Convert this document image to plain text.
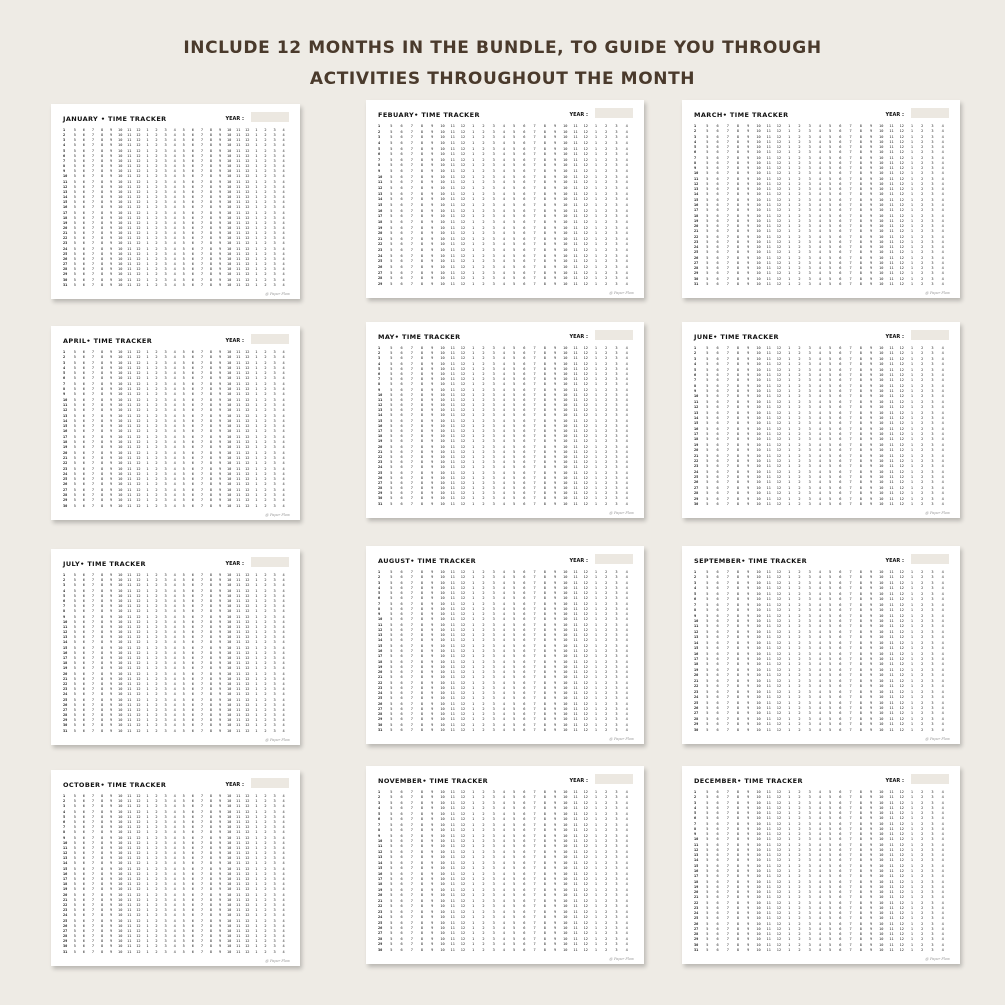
INCLUDE 12 MONTHS IN THE BUNDLE, TO GUIDE YOU THROUGH
ACTIVITIES THROUGHOUT THE MONTH
JANUARY • TIME TRACKER	YEAR :
1	5	6	7	8	9	10	11	12	1	2	3	4	5	6	7	8	9	10	11	12	1	2	3	4
2	5	6	7	8	9	10	11	12	1	2	3	4	5	6	7	8	9	10	11	12	1	2	3	4
3	5	6	7	8	9	10	11	12	1	2	3	4	5	6	7	8	9	10	11	12	1	2	3	4
4	5	6	7	8	9	10	11	12	1	2	3	4	5	6	7	8	9	10	11	12	1	2	3	4
5	5	6	7	8	9	10	11	12	1	2	3	4	5	6	7	8	9	10	11	12	1	2	3	4
6	5	6	7	8	9	10	11	12	1	2	3	4	5	6	7	8	9	10	11	12	1	2	3	4
7	5	6	7	8	9	10	11	12	1	2	3	4	5	6	7	8	9	10	11	12	1	2	3	4
8	5	6	7	8	9	10	11	12	1	2	3	4	5	6	7	8	9	10	11	12	1	2	3	4
9	5	6	7	8	9	10	11	12	1	2	3	4	5	6	7	8	9	10	11	12	1	2	3	4
10	5	6	7	8	9	10	11	12	1	2	3	4	5	6	7	8	9	10	11	12	1	2	3	4
11	5	6	7	8	9	10	11	12	1	2	3	4	5	6	7	8	9	10	11	12	1	2	3	4
12	5	6	7	8	9	10	11	12	1	2	3	4	5	6	7	8	9	10	11	12	1	2	3	4
13	5	6	7	8	9	10	11	12	1	2	3	4	5	6	7	8	9	10	11	12	1	2	3	4
14	5	6	7	8	9	10	11	12	1	2	3	4	5	6	7	8	9	10	11	12	1	2	3	4
15	5	6	7	8	9	10	11	12	1	2	3	4	5	6	7	8	9	10	11	12	1	2	3	4
16	5	6	7	8	9	10	11	12	1	2	3	4	5	6	7	8	9	10	11	12	1	2	3	4
17	5	6	7	8	9	10	11	12	1	2	3	4	5	6	7	8	9	10	11	12	1	2	3	4
18	5	6	7	8	9	10	11	12	1	2	3	4	5	6	7	8	9	10	11	12	1	2	3	4
19	5	6	7	8	9	10	11	12	1	2	3	4	5	6	7	8	9	10	11	12	1	2	3	4
20	5	6	7	8	9	10	11	12	1	2	3	4	5	6	7	8	9	10	11	12	1	2	3	4
21	5	6	7	8	9	10	11	12	1	2	3	4	5	6	7	8	9	10	11	12	1	2	3	4
22	5	6	7	8	9	10	11	12	1	2	3	4	5	6	7	8	9	10	11	12	1	2	3	4
23	5	6	7	8	9	10	11	12	1	2	3	4	5	6	7	8	9	10	11	12	1	2	3	4
24	5	6	7	8	9	10	11	12	1	2	3	4	5	6	7	8	9	10	11	12	1	2	3	4
25	5	6	7	8	9	10	11	12	1	2	3	4	5	6	7	8	9	10	11	12	1	2	3	4
26	5	6	7	8	9	10	11	12	1	2	3	4	5	6	7	8	9	10	11	12	1	2	3	4
27	5	6	7	8	9	10	11	12	1	2	3	4	5	6	7	8	9	10	11	12	1	2	3	4
28	5	6	7	8	9	10	11	12	1	2	3	4	5	6	7	8	9	10	11	12	1	2	3	4
29	5	6	7	8	9	10	11	12	1	2	3	4	5	6	7	8	9	10	11	12	1	2	3	4
30	5	6	7	8	9	10	11	12	1	2	3	4	5	6	7	8	9	10	11	12	1	2	3	4
31	5	6	7	8	9	10	11	12	1	2	3	4	5	6	7	8	9	10	11	12	1	2	3	4
@ Paper Flow
FEBUARY• TIME TRACKER	YEAR :
1	5	6	7	8	9	10	11	12	1	2	3	4	5	6	7	8	9	10	11	12	1	2	3	4
2	5	6	7	8	9	10	11	12	1	2	3	4	5	6	7	8	9	10	11	12	1	2	3	4
3	5	6	7	8	9	10	11	12	1	2	3	4	5	6	7	8	9	10	11	12	1	2	3	4
4	5	6	7	8	9	10	11	12	1	2	3	4	5	6	7	8	9	10	11	12	1	2	3	4
5	5	6	7	8	9	10	11	12	1	2	3	4	5	6	7	8	9	10	11	12	1	2	3	4
6	5	6	7	8	9	10	11	12	1	2	3	4	5	6	7	8	9	10	11	12	1	2	3	4
7	5	6	7	8	9	10	11	12	1	2	3	4	5	6	7	8	9	10	11	12	1	2	3	4
8	5	6	7	8	9	10	11	12	1	2	3	4	5	6	7	8	9	10	11	12	1	2	3	4
9	5	6	7	8	9	10	11	12	1	2	3	4	5	6	7	8	9	10	11	12	1	2	3	4
10	5	6	7	8	9	10	11	12	1	2	3	4	5	6	7	8	9	10	11	12	1	2	3	4
11	5	6	7	8	9	10	11	12	1	2	3	4	5	6	7	8	9	10	11	12	1	2	3	4
12	5	6	7	8	9	10	11	12	1	2	3	4	5	6	7	8	9	10	11	12	1	2	3	4
13	5	6	7	8	9	10	11	12	1	2	3	4	5	6	7	8	9	10	11	12	1	2	3	4
14	5	6	7	8	9	10	11	12	1	2	3	4	5	6	7	8	9	10	11	12	1	2	3	4
15	5	6	7	8	9	10	11	12	1	2	3	4	5	6	7	8	9	10	11	12	1	2	3	4
16	5	6	7	8	9	10	11	12	1	2	3	4	5	6	7	8	9	10	11	12	1	2	3	4
17	5	6	7	8	9	10	11	12	1	2	3	4	5	6	7	8	9	10	11	12	1	2	3	4
18	5	6	7	8	9	10	11	12	1	2	3	4	5	6	7	8	9	10	11	12	1	2	3	4
19	5	6	7	8	9	10	11	12	1	2	3	4	5	6	7	8	9	10	11	12	1	2	3	4
20	5	6	7	8	9	10	11	12	1	2	3	4	5	6	7	8	9	10	11	12	1	2	3	4
21	5	6	7	8	9	10	11	12	1	2	3	4	5	6	7	8	9	10	11	12	1	2	3	4
22	5	6	7	8	9	10	11	12	1	2	3	4	5	6	7	8	9	10	11	12	1	2	3	4
23	5	6	7	8	9	10	11	12	1	2	3	4	5	6	7	8	9	10	11	12	1	2	3	4
24	5	6	7	8	9	10	11	12	1	2	3	4	5	6	7	8	9	10	11	12	1	2	3	4
25	5	6	7	8	9	10	11	12	1	2	3	4	5	6	7	8	9	10	11	12	1	2	3	4
26	5	6	7	8	9	10	11	12	1	2	3	4	5	6	7	8	9	10	11	12	1	2	3	4
27	5	6	7	8	9	10	11	12	1	2	3	4	5	6	7	8	9	10	11	12	1	2	3	4
28	5	6	7	8	9	10	11	12	1	2	3	4	5	6	7	8	9	10	11	12	1	2	3	4
29	5	6	7	8	9	10	11	12	1	2	3	4	5	6	7	8	9	10	11	12	1	2	3	4
@ Paper Flow
MARCH• TIME TRACKER	YEAR :
1	5	6	7	8	9	10	11	12	1	2	3	4	5	6	7	8	9	10	11	12	1	2	3	4
2	5	6	7	8	9	10	11	12	1	2	3	4	5	6	7	8	9	10	11	12	1	2	3	4
3	5	6	7	8	9	10	11	12	1	2	3	4	5	6	7	8	9	10	11	12	1	2	3	4
4	5	6	7	8	9	10	11	12	1	2	3	4	5	6	7	8	9	10	11	12	1	2	3	4
5	5	6	7	8	9	10	11	12	1	2	3	4	5	6	7	8	9	10	11	12	1	2	3	4
6	5	6	7	8	9	10	11	12	1	2	3	4	5	6	7	8	9	10	11	12	1	2	3	4
7	5	6	7	8	9	10	11	12	1	2	3	4	5	6	7	8	9	10	11	12	1	2	3	4
8	5	6	7	8	9	10	11	12	1	2	3	4	5	6	7	8	9	10	11	12	1	2	3	4
9	5	6	7	8	9	10	11	12	1	2	3	4	5	6	7	8	9	10	11	12	1	2	3	4
10	5	6	7	8	9	10	11	12	1	2	3	4	5	6	7	8	9	10	11	12	1	2	3	4
11	5	6	7	8	9	10	11	12	1	2	3	4	5	6	7	8	9	10	11	12	1	2	3	4
12	5	6	7	8	9	10	11	12	1	2	3	4	5	6	7	8	9	10	11	12	1	2	3	4
13	5	6	7	8	9	10	11	12	1	2	3	4	5	6	7	8	9	10	11	12	1	2	3	4
14	5	6	7	8	9	10	11	12	1	2	3	4	5	6	7	8	9	10	11	12	1	2	3	4
15	5	6	7	8	9	10	11	12	1	2	3	4	5	6	7	8	9	10	11	12	1	2	3	4
16	5	6	7	8	9	10	11	12	1	2	3	4	5	6	7	8	9	10	11	12	1	2	3	4
17	5	6	7	8	9	10	11	12	1	2	3	4	5	6	7	8	9	10	11	12	1	2	3	4
18	5	6	7	8	9	10	11	12	1	2	3	4	5	6	7	8	9	10	11	12	1	2	3	4
19	5	6	7	8	9	10	11	12	1	2	3	4	5	6	7	8	9	10	11	12	1	2	3	4
20	5	6	7	8	9	10	11	12	1	2	3	4	5	6	7	8	9	10	11	12	1	2	3	4
21	5	6	7	8	9	10	11	12	1	2	3	4	5	6	7	8	9	10	11	12	1	2	3	4
22	5	6	7	8	9	10	11	12	1	2	3	4	5	6	7	8	9	10	11	12	1	2	3	4
23	5	6	7	8	9	10	11	12	1	2	3	4	5	6	7	8	9	10	11	12	1	2	3	4
24	5	6	7	8	9	10	11	12	1	2	3	4	5	6	7	8	9	10	11	12	1	2	3	4
25	5	6	7	8	9	10	11	12	1	2	3	4	5	6	7	8	9	10	11	12	1	2	3	4
26	5	6	7	8	9	10	11	12	1	2	3	4	5	6	7	8	9	10	11	12	1	2	3	4
27	5	6	7	8	9	10	11	12	1	2	3	4	5	6	7	8	9	10	11	12	1	2	3	4
28	5	6	7	8	9	10	11	12	1	2	3	4	5	6	7	8	9	10	11	12	1	2	3	4
29	5	6	7	8	9	10	11	12	1	2	3	4	5	6	7	8	9	10	11	12	1	2	3	4
30	5	6	7	8	9	10	11	12	1	2	3	4	5	6	7	8	9	10	11	12	1	2	3	4
31	5	6	7	8	9	10	11	12	1	2	3	4	5	6	7	8	9	10	11	12	1	2	3	4
@ Paper Flow
APRIL• TIME TRACKER	YEAR :
1	5	6	7	8	9	10	11	12	1	2	3	4	5	6	7	8	9	10	11	12	1	2	3	4
2	5	6	7	8	9	10	11	12	1	2	3	4	5	6	7	8	9	10	11	12	1	2	3	4
3	5	6	7	8	9	10	11	12	1	2	3	4	5	6	7	8	9	10	11	12	1	2	3	4
4	5	6	7	8	9	10	11	12	1	2	3	4	5	6	7	8	9	10	11	12	1	2	3	4
5	5	6	7	8	9	10	11	12	1	2	3	4	5	6	7	8	9	10	11	12	1	2	3	4
6	5	6	7	8	9	10	11	12	1	2	3	4	5	6	7	8	9	10	11	12	1	2	3	4
7	5	6	7	8	9	10	11	12	1	2	3	4	5	6	7	8	9	10	11	12	1	2	3	4
8	5	6	7	8	9	10	11	12	1	2	3	4	5	6	7	8	9	10	11	12	1	2	3	4
9	5	6	7	8	9	10	11	12	1	2	3	4	5	6	7	8	9	10	11	12	1	2	3	4
10	5	6	7	8	9	10	11	12	1	2	3	4	5	6	7	8	9	10	11	12	1	2	3	4
11	5	6	7	8	9	10	11	12	1	2	3	4	5	6	7	8	9	10	11	12	1	2	3	4
12	5	6	7	8	9	10	11	12	1	2	3	4	5	6	7	8	9	10	11	12	1	2	3	4
13	5	6	7	8	9	10	11	12	1	2	3	4	5	6	7	8	9	10	11	12	1	2	3	4
14	5	6	7	8	9	10	11	12	1	2	3	4	5	6	7	8	9	10	11	12	1	2	3	4
15	5	6	7	8	9	10	11	12	1	2	3	4	5	6	7	8	9	10	11	12	1	2	3	4
16	5	6	7	8	9	10	11	12	1	2	3	4	5	6	7	8	9	10	11	12	1	2	3	4
17	5	6	7	8	9	10	11	12	1	2	3	4	5	6	7	8	9	10	11	12	1	2	3	4
18	5	6	7	8	9	10	11	12	1	2	3	4	5	6	7	8	9	10	11	12	1	2	3	4
19	5	6	7	8	9	10	11	12	1	2	3	4	5	6	7	8	9	10	11	12	1	2	3	4
20	5	6	7	8	9	10	11	12	1	2	3	4	5	6	7	8	9	10	11	12	1	2	3	4
21	5	6	7	8	9	10	11	12	1	2	3	4	5	6	7	8	9	10	11	12	1	2	3	4
22	5	6	7	8	9	10	11	12	1	2	3	4	5	6	7	8	9	10	11	12	1	2	3	4
23	5	6	7	8	9	10	11	12	1	2	3	4	5	6	7	8	9	10	11	12	1	2	3	4
24	5	6	7	8	9	10	11	12	1	2	3	4	5	6	7	8	9	10	11	12	1	2	3	4
25	5	6	7	8	9	10	11	12	1	2	3	4	5	6	7	8	9	10	11	12	1	2	3	4
26	5	6	7	8	9	10	11	12	1	2	3	4	5	6	7	8	9	10	11	12	1	2	3	4
27	5	6	7	8	9	10	11	12	1	2	3	4	5	6	7	8	9	10	11	12	1	2	3	4
28	5	6	7	8	9	10	11	12	1	2	3	4	5	6	7	8	9	10	11	12	1	2	3	4
29	5	6	7	8	9	10	11	12	1	2	3	4	5	6	7	8	9	10	11	12	1	2	3	4
30	5	6	7	8	9	10	11	12	1	2	3	4	5	6	7	8	9	10	11	12	1	2	3	4
@ Paper Flow
MAY• TIME TRACKER	YEAR :
1	5	6	7	8	9	10	11	12	1	2	3	4	5	6	7	8	9	10	11	12	1	2	3	4
2	5	6	7	8	9	10	11	12	1	2	3	4	5	6	7	8	9	10	11	12	1	2	3	4
3	5	6	7	8	9	10	11	12	1	2	3	4	5	6	7	8	9	10	11	12	1	2	3	4
4	5	6	7	8	9	10	11	12	1	2	3	4	5	6	7	8	9	10	11	12	1	2	3	4
5	5	6	7	8	9	10	11	12	1	2	3	4	5	6	7	8	9	10	11	12	1	2	3	4
6	5	6	7	8	9	10	11	12	1	2	3	4	5	6	7	8	9	10	11	12	1	2	3	4
7	5	6	7	8	9	10	11	12	1	2	3	4	5	6	7	8	9	10	11	12	1	2	3	4
8	5	6	7	8	9	10	11	12	1	2	3	4	5	6	7	8	9	10	11	12	1	2	3	4
9	5	6	7	8	9	10	11	12	1	2	3	4	5	6	7	8	9	10	11	12	1	2	3	4
10	5	6	7	8	9	10	11	12	1	2	3	4	5	6	7	8	9	10	11	12	1	2	3	4
11	5	6	7	8	9	10	11	12	1	2	3	4	5	6	7	8	9	10	11	12	1	2	3	4
12	5	6	7	8	9	10	11	12	1	2	3	4	5	6	7	8	9	10	11	12	1	2	3	4
13	5	6	7	8	9	10	11	12	1	2	3	4	5	6	7	8	9	10	11	12	1	2	3	4
14	5	6	7	8	9	10	11	12	1	2	3	4	5	6	7	8	9	10	11	12	1	2	3	4
15	5	6	7	8	9	10	11	12	1	2	3	4	5	6	7	8	9	10	11	12	1	2	3	4
16	5	6	7	8	9	10	11	12	1	2	3	4	5	6	7	8	9	10	11	12	1	2	3	4
17	5	6	7	8	9	10	11	12	1	2	3	4	5	6	7	8	9	10	11	12	1	2	3	4
18	5	6	7	8	9	10	11	12	1	2	3	4	5	6	7	8	9	10	11	12	1	2	3	4
19	5	6	7	8	9	10	11	12	1	2	3	4	5	6	7	8	9	10	11	12	1	2	3	4
20	5	6	7	8	9	10	11	12	1	2	3	4	5	6	7	8	9	10	11	12	1	2	3	4
21	5	6	7	8	9	10	11	12	1	2	3	4	5	6	7	8	9	10	11	12	1	2	3	4
22	5	6	7	8	9	10	11	12	1	2	3	4	5	6	7	8	9	10	11	12	1	2	3	4
23	5	6	7	8	9	10	11	12	1	2	3	4	5	6	7	8	9	10	11	12	1	2	3	4
24	5	6	7	8	9	10	11	12	1	2	3	4	5	6	7	8	9	10	11	12	1	2	3	4
25	5	6	7	8	9	10	11	12	1	2	3	4	5	6	7	8	9	10	11	12	1	2	3	4
26	5	6	7	8	9	10	11	12	1	2	3	4	5	6	7	8	9	10	11	12	1	2	3	4
27	5	6	7	8	9	10	11	12	1	2	3	4	5	6	7	8	9	10	11	12	1	2	3	4
28	5	6	7	8	9	10	11	12	1	2	3	4	5	6	7	8	9	10	11	12	1	2	3	4
29	5	6	7	8	9	10	11	12	1	2	3	4	5	6	7	8	9	10	11	12	1	2	3	4
30	5	6	7	8	9	10	11	12	1	2	3	4	5	6	7	8	9	10	11	12	1	2	3	4
31	5	6	7	8	9	10	11	12	1	2	3	4	5	6	7	8	9	10	11	12	1	2	3	4
@ Paper Flow
JUNE• TIME TRACKER	YEAR :
1	5	6	7	8	9	10	11	12	1	2	3	4	5	6	7	8	9	10	11	12	1	2	3	4
2	5	6	7	8	9	10	11	12	1	2	3	4	5	6	7	8	9	10	11	12	1	2	3	4
3	5	6	7	8	9	10	11	12	1	2	3	4	5	6	7	8	9	10	11	12	1	2	3	4
4	5	6	7	8	9	10	11	12	1	2	3	4	5	6	7	8	9	10	11	12	1	2	3	4
5	5	6	7	8	9	10	11	12	1	2	3	4	5	6	7	8	9	10	11	12	1	2	3	4
6	5	6	7	8	9	10	11	12	1	2	3	4	5	6	7	8	9	10	11	12	1	2	3	4
7	5	6	7	8	9	10	11	12	1	2	3	4	5	6	7	8	9	10	11	12	1	2	3	4
8	5	6	7	8	9	10	11	12	1	2	3	4	5	6	7	8	9	10	11	12	1	2	3	4
9	5	6	7	8	9	10	11	12	1	2	3	4	5	6	7	8	9	10	11	12	1	2	3	4
10	5	6	7	8	9	10	11	12	1	2	3	4	5	6	7	8	9	10	11	12	1	2	3	4
11	5	6	7	8	9	10	11	12	1	2	3	4	5	6	7	8	9	10	11	12	1	2	3	4
12	5	6	7	8	9	10	11	12	1	2	3	4	5	6	7	8	9	10	11	12	1	2	3	4
13	5	6	7	8	9	10	11	12	1	2	3	4	5	6	7	8	9	10	11	12	1	2	3	4
14	5	6	7	8	9	10	11	12	1	2	3	4	5	6	7	8	9	10	11	12	1	2	3	4
15	5	6	7	8	9	10	11	12	1	2	3	4	5	6	7	8	9	10	11	12	1	2	3	4
16	5	6	7	8	9	10	11	12	1	2	3	4	5	6	7	8	9	10	11	12	1	2	3	4
17	5	6	7	8	9	10	11	12	1	2	3	4	5	6	7	8	9	10	11	12	1	2	3	4
18	5	6	7	8	9	10	11	12	1	2	3	4	5	6	7	8	9	10	11	12	1	2	3	4
19	5	6	7	8	9	10	11	12	1	2	3	4	5	6	7	8	9	10	11	12	1	2	3	4
20	5	6	7	8	9	10	11	12	1	2	3	4	5	6	7	8	9	10	11	12	1	2	3	4
21	5	6	7	8	9	10	11	12	1	2	3	4	5	6	7	8	9	10	11	12	1	2	3	4
22	5	6	7	8	9	10	11	12	1	2	3	4	5	6	7	8	9	10	11	12	1	2	3	4
23	5	6	7	8	9	10	11	12	1	2	3	4	5	6	7	8	9	10	11	12	1	2	3	4
24	5	6	7	8	9	10	11	12	1	2	3	4	5	6	7	8	9	10	11	12	1	2	3	4
25	5	6	7	8	9	10	11	12	1	2	3	4	5	6	7	8	9	10	11	12	1	2	3	4
26	5	6	7	8	9	10	11	12	1	2	3	4	5	6	7	8	9	10	11	12	1	2	3	4
27	5	6	7	8	9	10	11	12	1	2	3	4	5	6	7	8	9	10	11	12	1	2	3	4
28	5	6	7	8	9	10	11	12	1	2	3	4	5	6	7	8	9	10	11	12	1	2	3	4
29	5	6	7	8	9	10	11	12	1	2	3	4	5	6	7	8	9	10	11	12	1	2	3	4
30	5	6	7	8	9	10	11	12	1	2	3	4	5	6	7	8	9	10	11	12	1	2	3	4
@ Paper Flow
JULY• TIME TRACKER	YEAR :
1	5	6	7	8	9	10	11	12	1	2	3	4	5	6	7	8	9	10	11	12	1	2	3	4
2	5	6	7	8	9	10	11	12	1	2	3	4	5	6	7	8	9	10	11	12	1	2	3	4
3	5	6	7	8	9	10	11	12	1	2	3	4	5	6	7	8	9	10	11	12	1	2	3	4
4	5	6	7	8	9	10	11	12	1	2	3	4	5	6	7	8	9	10	11	12	1	2	3	4
5	5	6	7	8	9	10	11	12	1	2	3	4	5	6	7	8	9	10	11	12	1	2	3	4
6	5	6	7	8	9	10	11	12	1	2	3	4	5	6	7	8	9	10	11	12	1	2	3	4
7	5	6	7	8	9	10	11	12	1	2	3	4	5	6	7	8	9	10	11	12	1	2	3	4
8	5	6	7	8	9	10	11	12	1	2	3	4	5	6	7	8	9	10	11	12	1	2	3	4
9	5	6	7	8	9	10	11	12	1	2	3	4	5	6	7	8	9	10	11	12	1	2	3	4
10	5	6	7	8	9	10	11	12	1	2	3	4	5	6	7	8	9	10	11	12	1	2	3	4
11	5	6	7	8	9	10	11	12	1	2	3	4	5	6	7	8	9	10	11	12	1	2	3	4
12	5	6	7	8	9	10	11	12	1	2	3	4	5	6	7	8	9	10	11	12	1	2	3	4
13	5	6	7	8	9	10	11	12	1	2	3	4	5	6	7	8	9	10	11	12	1	2	3	4
14	5	6	7	8	9	10	11	12	1	2	3	4	5	6	7	8	9	10	11	12	1	2	3	4
15	5	6	7	8	9	10	11	12	1	2	3	4	5	6	7	8	9	10	11	12	1	2	3	4
16	5	6	7	8	9	10	11	12	1	2	3	4	5	6	7	8	9	10	11	12	1	2	3	4
17	5	6	7	8	9	10	11	12	1	2	3	4	5	6	7	8	9	10	11	12	1	2	3	4
18	5	6	7	8	9	10	11	12	1	2	3	4	5	6	7	8	9	10	11	12	1	2	3	4
19	5	6	7	8	9	10	11	12	1	2	3	4	5	6	7	8	9	10	11	12	1	2	3	4
20	5	6	7	8	9	10	11	12	1	2	3	4	5	6	7	8	9	10	11	12	1	2	3	4
21	5	6	7	8	9	10	11	12	1	2	3	4	5	6	7	8	9	10	11	12	1	2	3	4
22	5	6	7	8	9	10	11	12	1	2	3	4	5	6	7	8	9	10	11	12	1	2	3	4
23	5	6	7	8	9	10	11	12	1	2	3	4	5	6	7	8	9	10	11	12	1	2	3	4
24	5	6	7	8	9	10	11	12	1	2	3	4	5	6	7	8	9	10	11	12	1	2	3	4
25	5	6	7	8	9	10	11	12	1	2	3	4	5	6	7	8	9	10	11	12	1	2	3	4
26	5	6	7	8	9	10	11	12	1	2	3	4	5	6	7	8	9	10	11	12	1	2	3	4
27	5	6	7	8	9	10	11	12	1	2	3	4	5	6	7	8	9	10	11	12	1	2	3	4
28	5	6	7	8	9	10	11	12	1	2	3	4	5	6	7	8	9	10	11	12	1	2	3	4
29	5	6	7	8	9	10	11	12	1	2	3	4	5	6	7	8	9	10	11	12	1	2	3	4
30	5	6	7	8	9	10	11	12	1	2	3	4	5	6	7	8	9	10	11	12	1	2	3	4
31	5	6	7	8	9	10	11	12	1	2	3	4	5	6	7	8	9	10	11	12	1	2	3	4
@ Paper Flow
AUGUST• TIME TRACKER	YEAR :
1	5	6	7	8	9	10	11	12	1	2	3	4	5	6	7	8	9	10	11	12	1	2	3	4
2	5	6	7	8	9	10	11	12	1	2	3	4	5	6	7	8	9	10	11	12	1	2	3	4
3	5	6	7	8	9	10	11	12	1	2	3	4	5	6	7	8	9	10	11	12	1	2	3	4
4	5	6	7	8	9	10	11	12	1	2	3	4	5	6	7	8	9	10	11	12	1	2	3	4
5	5	6	7	8	9	10	11	12	1	2	3	4	5	6	7	8	9	10	11	12	1	2	3	4
6	5	6	7	8	9	10	11	12	1	2	3	4	5	6	7	8	9	10	11	12	1	2	3	4
7	5	6	7	8	9	10	11	12	1	2	3	4	5	6	7	8	9	10	11	12	1	2	3	4
8	5	6	7	8	9	10	11	12	1	2	3	4	5	6	7	8	9	10	11	12	1	2	3	4
9	5	6	7	8	9	10	11	12	1	2	3	4	5	6	7	8	9	10	11	12	1	2	3	4
10	5	6	7	8	9	10	11	12	1	2	3	4	5	6	7	8	9	10	11	12	1	2	3	4
11	5	6	7	8	9	10	11	12	1	2	3	4	5	6	7	8	9	10	11	12	1	2	3	4
12	5	6	7	8	9	10	11	12	1	2	3	4	5	6	7	8	9	10	11	12	1	2	3	4
13	5	6	7	8	9	10	11	12	1	2	3	4	5	6	7	8	9	10	11	12	1	2	3	4
14	5	6	7	8	9	10	11	12	1	2	3	4	5	6	7	8	9	10	11	12	1	2	3	4
15	5	6	7	8	9	10	11	12	1	2	3	4	5	6	7	8	9	10	11	12	1	2	3	4
16	5	6	7	8	9	10	11	12	1	2	3	4	5	6	7	8	9	10	11	12	1	2	3	4
17	5	6	7	8	9	10	11	12	1	2	3	4	5	6	7	8	9	10	11	12	1	2	3	4
18	5	6	7	8	9	10	11	12	1	2	3	4	5	6	7	8	9	10	11	12	1	2	3	4
19	5	6	7	8	9	10	11	12	1	2	3	4	5	6	7	8	9	10	11	12	1	2	3	4
20	5	6	7	8	9	10	11	12	1	2	3	4	5	6	7	8	9	10	11	12	1	2	3	4
21	5	6	7	8	9	10	11	12	1	2	3	4	5	6	7	8	9	10	11	12	1	2	3	4
22	5	6	7	8	9	10	11	12	1	2	3	4	5	6	7	8	9	10	11	12	1	2	3	4
23	5	6	7	8	9	10	11	12	1	2	3	4	5	6	7	8	9	10	11	12	1	2	3	4
24	5	6	7	8	9	10	11	12	1	2	3	4	5	6	7	8	9	10	11	12	1	2	3	4
25	5	6	7	8	9	10	11	12	1	2	3	4	5	6	7	8	9	10	11	12	1	2	3	4
26	5	6	7	8	9	10	11	12	1	2	3	4	5	6	7	8	9	10	11	12	1	2	3	4
27	5	6	7	8	9	10	11	12	1	2	3	4	5	6	7	8	9	10	11	12	1	2	3	4
28	5	6	7	8	9	10	11	12	1	2	3	4	5	6	7	8	9	10	11	12	1	2	3	4
29	5	6	7	8	9	10	11	12	1	2	3	4	5	6	7	8	9	10	11	12	1	2	3	4
30	5	6	7	8	9	10	11	12	1	2	3	4	5	6	7	8	9	10	11	12	1	2	3	4
31	5	6	7	8	9	10	11	12	1	2	3	4	5	6	7	8	9	10	11	12	1	2	3	4
@ Paper Flow
SEPTEMBER• TIME TRACKER	YEAR :
1	5	6	7	8	9	10	11	12	1	2	3	4	5	6	7	8	9	10	11	12	1	2	3	4
2	5	6	7	8	9	10	11	12	1	2	3	4	5	6	7	8	9	10	11	12	1	2	3	4
3	5	6	7	8	9	10	11	12	1	2	3	4	5	6	7	8	9	10	11	12	1	2	3	4
4	5	6	7	8	9	10	11	12	1	2	3	4	5	6	7	8	9	10	11	12	1	2	3	4
5	5	6	7	8	9	10	11	12	1	2	3	4	5	6	7	8	9	10	11	12	1	2	3	4
6	5	6	7	8	9	10	11	12	1	2	3	4	5	6	7	8	9	10	11	12	1	2	3	4
7	5	6	7	8	9	10	11	12	1	2	3	4	5	6	7	8	9	10	11	12	1	2	3	4
8	5	6	7	8	9	10	11	12	1	2	3	4	5	6	7	8	9	10	11	12	1	2	3	4
9	5	6	7	8	9	10	11	12	1	2	3	4	5	6	7	8	9	10	11	12	1	2	3	4
10	5	6	7	8	9	10	11	12	1	2	3	4	5	6	7	8	9	10	11	12	1	2	3	4
11	5	6	7	8	9	10	11	12	1	2	3	4	5	6	7	8	9	10	11	12	1	2	3	4
12	5	6	7	8	9	10	11	12	1	2	3	4	5	6	7	8	9	10	11	12	1	2	3	4
13	5	6	7	8	9	10	11	12	1	2	3	4	5	6	7	8	9	10	11	12	1	2	3	4
14	5	6	7	8	9	10	11	12	1	2	3	4	5	6	7	8	9	10	11	12	1	2	3	4
15	5	6	7	8	9	10	11	12	1	2	3	4	5	6	7	8	9	10	11	12	1	2	3	4
16	5	6	7	8	9	10	11	12	1	2	3	4	5	6	7	8	9	10	11	12	1	2	3	4
17	5	6	7	8	9	10	11	12	1	2	3	4	5	6	7	8	9	10	11	12	1	2	3	4
18	5	6	7	8	9	10	11	12	1	2	3	4	5	6	7	8	9	10	11	12	1	2	3	4
19	5	6	7	8	9	10	11	12	1	2	3	4	5	6	7	8	9	10	11	12	1	2	3	4
20	5	6	7	8	9	10	11	12	1	2	3	4	5	6	7	8	9	10	11	12	1	2	3	4
21	5	6	7	8	9	10	11	12	1	2	3	4	5	6	7	8	9	10	11	12	1	2	3	4
22	5	6	7	8	9	10	11	12	1	2	3	4	5	6	7	8	9	10	11	12	1	2	3	4
23	5	6	7	8	9	10	11	12	1	2	3	4	5	6	7	8	9	10	11	12	1	2	3	4
24	5	6	7	8	9	10	11	12	1	2	3	4	5	6	7	8	9	10	11	12	1	2	3	4
25	5	6	7	8	9	10	11	12	1	2	3	4	5	6	7	8	9	10	11	12	1	2	3	4
26	5	6	7	8	9	10	11	12	1	2	3	4	5	6	7	8	9	10	11	12	1	2	3	4
27	5	6	7	8	9	10	11	12	1	2	3	4	5	6	7	8	9	10	11	12	1	2	3	4
28	5	6	7	8	9	10	11	12	1	2	3	4	5	6	7	8	9	10	11	12	1	2	3	4
29	5	6	7	8	9	10	11	12	1	2	3	4	5	6	7	8	9	10	11	12	1	2	3	4
30	5	6	7	8	9	10	11	12	1	2	3	4	5	6	7	8	9	10	11	12	1	2	3	4
@ Paper Flow
OCTOBER• TIME TRACKER	YEAR :
1	5	6	7	8	9	10	11	12	1	2	3	4	5	6	7	8	9	10	11	12	1	2	3	4
2	5	6	7	8	9	10	11	12	1	2	3	4	5	6	7	8	9	10	11	12	1	2	3	4
3	5	6	7	8	9	10	11	12	1	2	3	4	5	6	7	8	9	10	11	12	1	2	3	4
4	5	6	7	8	9	10	11	12	1	2	3	4	5	6	7	8	9	10	11	12	1	2	3	4
5	5	6	7	8	9	10	11	12	1	2	3	4	5	6	7	8	9	10	11	12	1	2	3	4
6	5	6	7	8	9	10	11	12	1	2	3	4	5	6	7	8	9	10	11	12	1	2	3	4
7	5	6	7	8	9	10	11	12	1	2	3	4	5	6	7	8	9	10	11	12	1	2	3	4
8	5	6	7	8	9	10	11	12	1	2	3	4	5	6	7	8	9	10	11	12	1	2	3	4
9	5	6	7	8	9	10	11	12	1	2	3	4	5	6	7	8	9	10	11	12	1	2	3	4
10	5	6	7	8	9	10	11	12	1	2	3	4	5	6	7	8	9	10	11	12	1	2	3	4
11	5	6	7	8	9	10	11	12	1	2	3	4	5	6	7	8	9	10	11	12	1	2	3	4
12	5	6	7	8	9	10	11	12	1	2	3	4	5	6	7	8	9	10	11	12	1	2	3	4
13	5	6	7	8	9	10	11	12	1	2	3	4	5	6	7	8	9	10	11	12	1	2	3	4
14	5	6	7	8	9	10	11	12	1	2	3	4	5	6	7	8	9	10	11	12	1	2	3	4
15	5	6	7	8	9	10	11	12	1	2	3	4	5	6	7	8	9	10	11	12	1	2	3	4
16	5	6	7	8	9	10	11	12	1	2	3	4	5	6	7	8	9	10	11	12	1	2	3	4
17	5	6	7	8	9	10	11	12	1	2	3	4	5	6	7	8	9	10	11	12	1	2	3	4
18	5	6	7	8	9	10	11	12	1	2	3	4	5	6	7	8	9	10	11	12	1	2	3	4
19	5	6	7	8	9	10	11	12	1	2	3	4	5	6	7	8	9	10	11	12	1	2	3	4
20	5	6	7	8	9	10	11	12	1	2	3	4	5	6	7	8	9	10	11	12	1	2	3	4
21	5	6	7	8	9	10	11	12	1	2	3	4	5	6	7	8	9	10	11	12	1	2	3	4
22	5	6	7	8	9	10	11	12	1	2	3	4	5	6	7	8	9	10	11	12	1	2	3	4
23	5	6	7	8	9	10	11	12	1	2	3	4	5	6	7	8	9	10	11	12	1	2	3	4
24	5	6	7	8	9	10	11	12	1	2	3	4	5	6	7	8	9	10	11	12	1	2	3	4
25	5	6	7	8	9	10	11	12	1	2	3	4	5	6	7	8	9	10	11	12	1	2	3	4
26	5	6	7	8	9	10	11	12	1	2	3	4	5	6	7	8	9	10	11	12	1	2	3	4
27	5	6	7	8	9	10	11	12	1	2	3	4	5	6	7	8	9	10	11	12	1	2	3	4
28	5	6	7	8	9	10	11	12	1	2	3	4	5	6	7	8	9	10	11	12	1	2	3	4
29	5	6	7	8	9	10	11	12	1	2	3	4	5	6	7	8	9	10	11	12	1	2	3	4
30	5	6	7	8	9	10	11	12	1	2	3	4	5	6	7	8	9	10	11	12	1	2	3	4
31	5	6	7	8	9	10	11	12	1	2	3	4	5	6	7	8	9	10	11	12	1	2	3	4
@ Paper Flow
NOVEMBER• TIME TRACKER	YEAR :
1	5	6	7	8	9	10	11	12	1	2	3	4	5	6	7	8	9	10	11	12	1	2	3	4
2	5	6	7	8	9	10	11	12	1	2	3	4	5	6	7	8	9	10	11	12	1	2	3	4
3	5	6	7	8	9	10	11	12	1	2	3	4	5	6	7	8	9	10	11	12	1	2	3	4
4	5	6	7	8	9	10	11	12	1	2	3	4	5	6	7	8	9	10	11	12	1	2	3	4
5	5	6	7	8	9	10	11	12	1	2	3	4	5	6	7	8	9	10	11	12	1	2	3	4
6	5	6	7	8	9	10	11	12	1	2	3	4	5	6	7	8	9	10	11	12	1	2	3	4
7	5	6	7	8	9	10	11	12	1	2	3	4	5	6	7	8	9	10	11	12	1	2	3	4
8	5	6	7	8	9	10	11	12	1	2	3	4	5	6	7	8	9	10	11	12	1	2	3	4
9	5	6	7	8	9	10	11	12	1	2	3	4	5	6	7	8	9	10	11	12	1	2	3	4
10	5	6	7	8	9	10	11	12	1	2	3	4	5	6	7	8	9	10	11	12	1	2	3	4
11	5	6	7	8	9	10	11	12	1	2	3	4	5	6	7	8	9	10	11	12	1	2	3	4
12	5	6	7	8	9	10	11	12	1	2	3	4	5	6	7	8	9	10	11	12	1	2	3	4
13	5	6	7	8	9	10	11	12	1	2	3	4	5	6	7	8	9	10	11	12	1	2	3	4
14	5	6	7	8	9	10	11	12	1	2	3	4	5	6	7	8	9	10	11	12	1	2	3	4
15	5	6	7	8	9	10	11	12	1	2	3	4	5	6	7	8	9	10	11	12	1	2	3	4
16	5	6	7	8	9	10	11	12	1	2	3	4	5	6	7	8	9	10	11	12	1	2	3	4
17	5	6	7	8	9	10	11	12	1	2	3	4	5	6	7	8	9	10	11	12	1	2	3	4
18	5	6	7	8	9	10	11	12	1	2	3	4	5	6	7	8	9	10	11	12	1	2	3	4
19	5	6	7	8	9	10	11	12	1	2	3	4	5	6	7	8	9	10	11	12	1	2	3	4
20	5	6	7	8	9	10	11	12	1	2	3	4	5	6	7	8	9	10	11	12	1	2	3	4
21	5	6	7	8	9	10	11	12	1	2	3	4	5	6	7	8	9	10	11	12	1	2	3	4
22	5	6	7	8	9	10	11	12	1	2	3	4	5	6	7	8	9	10	11	12	1	2	3	4
23	5	6	7	8	9	10	11	12	1	2	3	4	5	6	7	8	9	10	11	12	1	2	3	4
24	5	6	7	8	9	10	11	12	1	2	3	4	5	6	7	8	9	10	11	12	1	2	3	4
25	5	6	7	8	9	10	11	12	1	2	3	4	5	6	7	8	9	10	11	12	1	2	3	4
26	5	6	7	8	9	10	11	12	1	2	3	4	5	6	7	8	9	10	11	12	1	2	3	4
27	5	6	7	8	9	10	11	12	1	2	3	4	5	6	7	8	9	10	11	12	1	2	3	4
28	5	6	7	8	9	10	11	12	1	2	3	4	5	6	7	8	9	10	11	12	1	2	3	4
29	5	6	7	8	9	10	11	12	1	2	3	4	5	6	7	8	9	10	11	12	1	2	3	4
30	5	6	7	8	9	10	11	12	1	2	3	4	5	6	7	8	9	10	11	12	1	2	3	4
@ Paper Flow
DECEMBER• TIME TRACKER	YEAR :
1	5	6	7	8	9	10	11	12	1	2	3	4	5	6	7	8	9	10	11	12	1	2	3	4
2	5	6	7	8	9	10	11	12	1	2	3	4	5	6	7	8	9	10	11	12	1	2	3	4
3	5	6	7	8	9	10	11	12	1	2	3	4	5	6	7	8	9	10	11	12	1	2	3	4
4	5	6	7	8	9	10	11	12	1	2	3	4	5	6	7	8	9	10	11	12	1	2	3	4
5	5	6	7	8	9	10	11	12	1	2	3	4	5	6	7	8	9	10	11	12	1	2	3	4
6	5	6	7	8	9	10	11	12	1	2	3	4	5	6	7	8	9	10	11	12	1	2	3	4
7	5	6	7	8	9	10	11	12	1	2	3	4	5	6	7	8	9	10	11	12	1	2	3	4
8	5	6	7	8	9	10	11	12	1	2	3	4	5	6	7	8	9	10	11	12	1	2	3	4
9	5	6	7	8	9	10	11	12	1	2	3	4	5	6	7	8	9	10	11	12	1	2	3	4
10	5	6	7	8	9	10	11	12	1	2	3	4	5	6	7	8	9	10	11	12	1	2	3	4
11	5	6	7	8	9	10	11	12	1	2	3	4	5	6	7	8	9	10	11	12	1	2	3	4
12	5	6	7	8	9	10	11	12	1	2	3	4	5	6	7	8	9	10	11	12	1	2	3	4
13	5	6	7	8	9	10	11	12	1	2	3	4	5	6	7	8	9	10	11	12	1	2	3	4
14	5	6	7	8	9	10	11	12	1	2	3	4	5	6	7	8	9	10	11	12	1	2	3	4
15	5	6	7	8	9	10	11	12	1	2	3	4	5	6	7	8	9	10	11	12	1	2	3	4
16	5	6	7	8	9	10	11	12	1	2	3	4	5	6	7	8	9	10	11	12	1	2	3	4
17	5	6	7	8	9	10	11	12	1	2	3	4	5	6	7	8	9	10	11	12	1	2	3	4
18	5	6	7	8	9	10	11	12	1	2	3	4	5	6	7	8	9	10	11	12	1	2	3	4
19	5	6	7	8	9	10	11	12	1	2	3	4	5	6	7	8	9	10	11	12	1	2	3	4
20	5	6	7	8	9	10	11	12	1	2	3	4	5	6	7	8	9	10	11	12	1	2	3	4
21	5	6	7	8	9	10	11	12	1	2	3	4	5	6	7	8	9	10	11	12	1	2	3	4
22	5	6	7	8	9	10	11	12	1	2	3	4	5	6	7	8	9	10	11	12	1	2	3	4
23	5	6	7	8	9	10	11	12	1	2	3	4	5	6	7	8	9	10	11	12	1	2	3	4
24	5	6	7	8	9	10	11	12	1	2	3	4	5	6	7	8	9	10	11	12	1	2	3	4
25	5	6	7	8	9	10	11	12	1	2	3	4	5	6	7	8	9	10	11	12	1	2	3	4
26	5	6	7	8	9	10	11	12	1	2	3	4	5	6	7	8	9	10	11	12	1	2	3	4
27	5	6	7	8	9	10	11	12	1	2	3	4	5	6	7	8	9	10	11	12	1	2	3	4
28	5	6	7	8	9	10	11	12	1	2	3	4	5	6	7	8	9	10	11	12	1	2	3	4
29	5	6	7	8	9	10	11	12	1	2	3	4	5	6	7	8	9	10	11	12	1	2	3	4
30	5	6	7	8	9	10	11	12	1	2	3	4	5	6	7	8	9	10	11	12	1	2	3	4
31	5	6	7	8	9	10	11	12	1	2	3	4	5	6	7	8	9	10	11	12	1	2	3	4
@ Paper Flow
